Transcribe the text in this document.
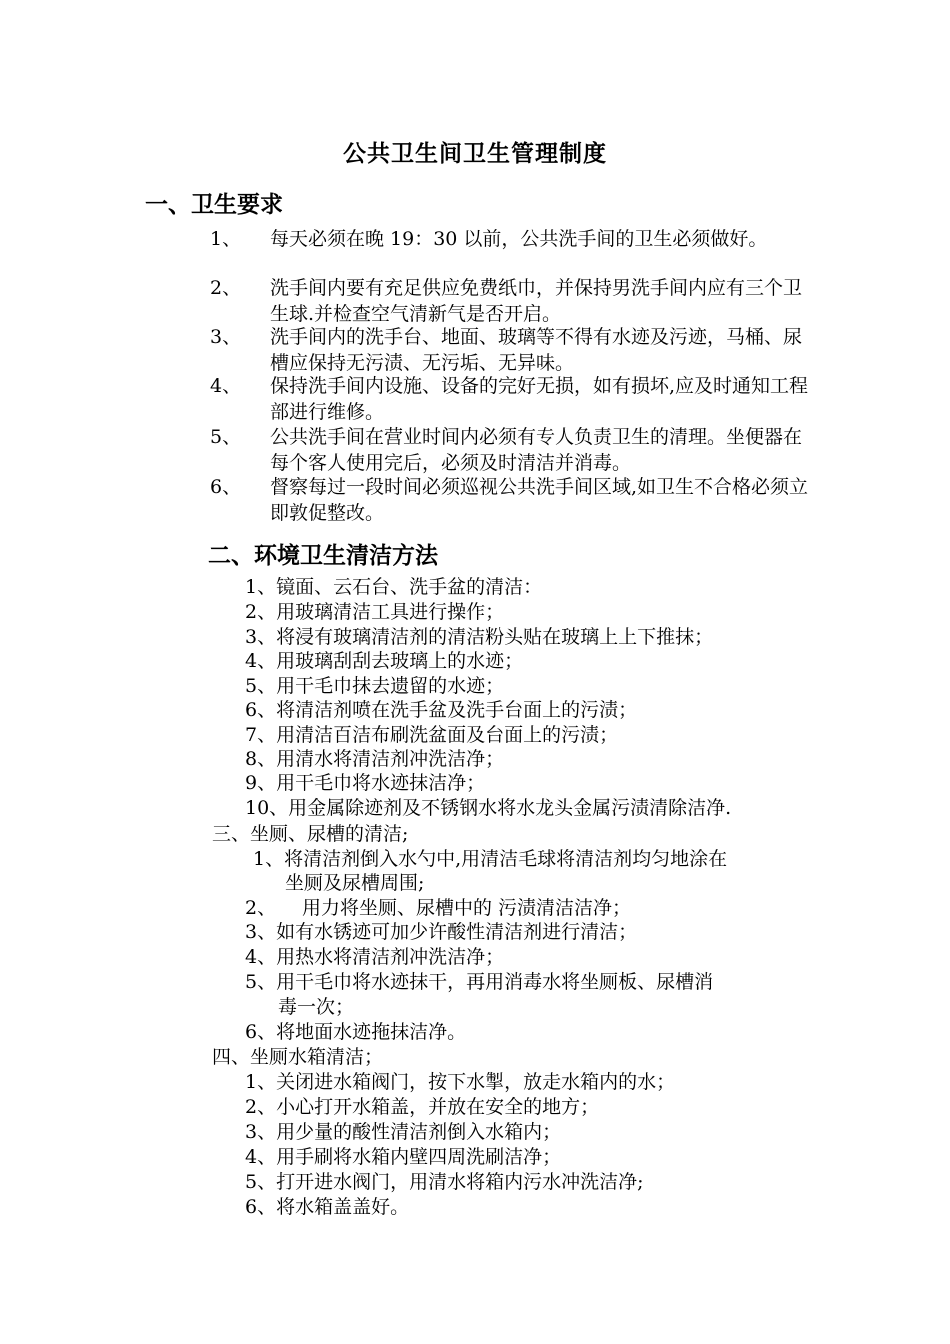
公共卫生间卫生管理制度
一、卫生要求
1、 每天必须在晚 19：30 以前，公共洗手间的卫生必须做好。
2、 洗手间内要有充足供应免费纸巾，并保持男洗手间内应有三个卫生球.并检查空气清新气是否开启。
3、 洗手间内的洗手台、地面、玻璃等不得有水迹及污迹，马桶、尿槽应保持无污渍、无污垢、无异味。
4、 保持洗手间内设施、设备的完好无损，如有损坏,应及时通知工程部进行维修。
5、 公共洗手间在营业时间内必须有专人负责卫生的清理。坐便器在每个客人使用完后，必须及时清洁并消毒。
6、 督察每过一段时间必须巡视公共洗手间区域,如卫生不合格必须立即敦促整改。
二、环境卫生清洁方法
1、镜面、云石台、洗手盆的清洁：
2、用玻璃清洁工具进行操作；
3、将浸有玻璃清洁剂的清洁粉头贴在玻璃上上下推抹；
4、用玻璃刮刮去玻璃上的水迹；
5、用干毛巾抹去遗留的水迹；
6、将清洁剂喷在洗手盆及洗手台面上的污渍；
7、用清洁百洁布刷洗盆面及台面上的污渍；
8、用清水将清洁剂冲洗洁净；
9、用干毛巾将水迹抹洁净；
10、用金属除迹剂及不锈钢水将水龙头金属污渍清除洁净.
三、坐厕、尿槽的清洁;
1、将清洁剂倒入水勺中,用清洁毛球将清洁剂均匀地涂在
坐厕及尿槽周围;
2、 用力将坐厕、尿槽中的 污渍清洁洁净；
3、如有水锈迹可加少许酸性清洁剂进行清洁；
4、用热水将清洁剂冲洗洁净；
5、用干毛巾将水迹抹干，再用消毒水将坐厕板、尿槽消
毒一次；
6、将地面水迹拖抹洁净。
四、坐厕水箱清洁；
1、关闭进水箱阀门，按下水掣，放走水箱内的水；
2、小心打开水箱盖，并放在安全的地方；
3、用少量的酸性清洁剂倒入水箱内；
4、用手刷将水箱内壁四周洗刷洁净；
5、打开进水阀门，用清水将箱内污水冲洗洁净;
6、将水箱盖盖好。
